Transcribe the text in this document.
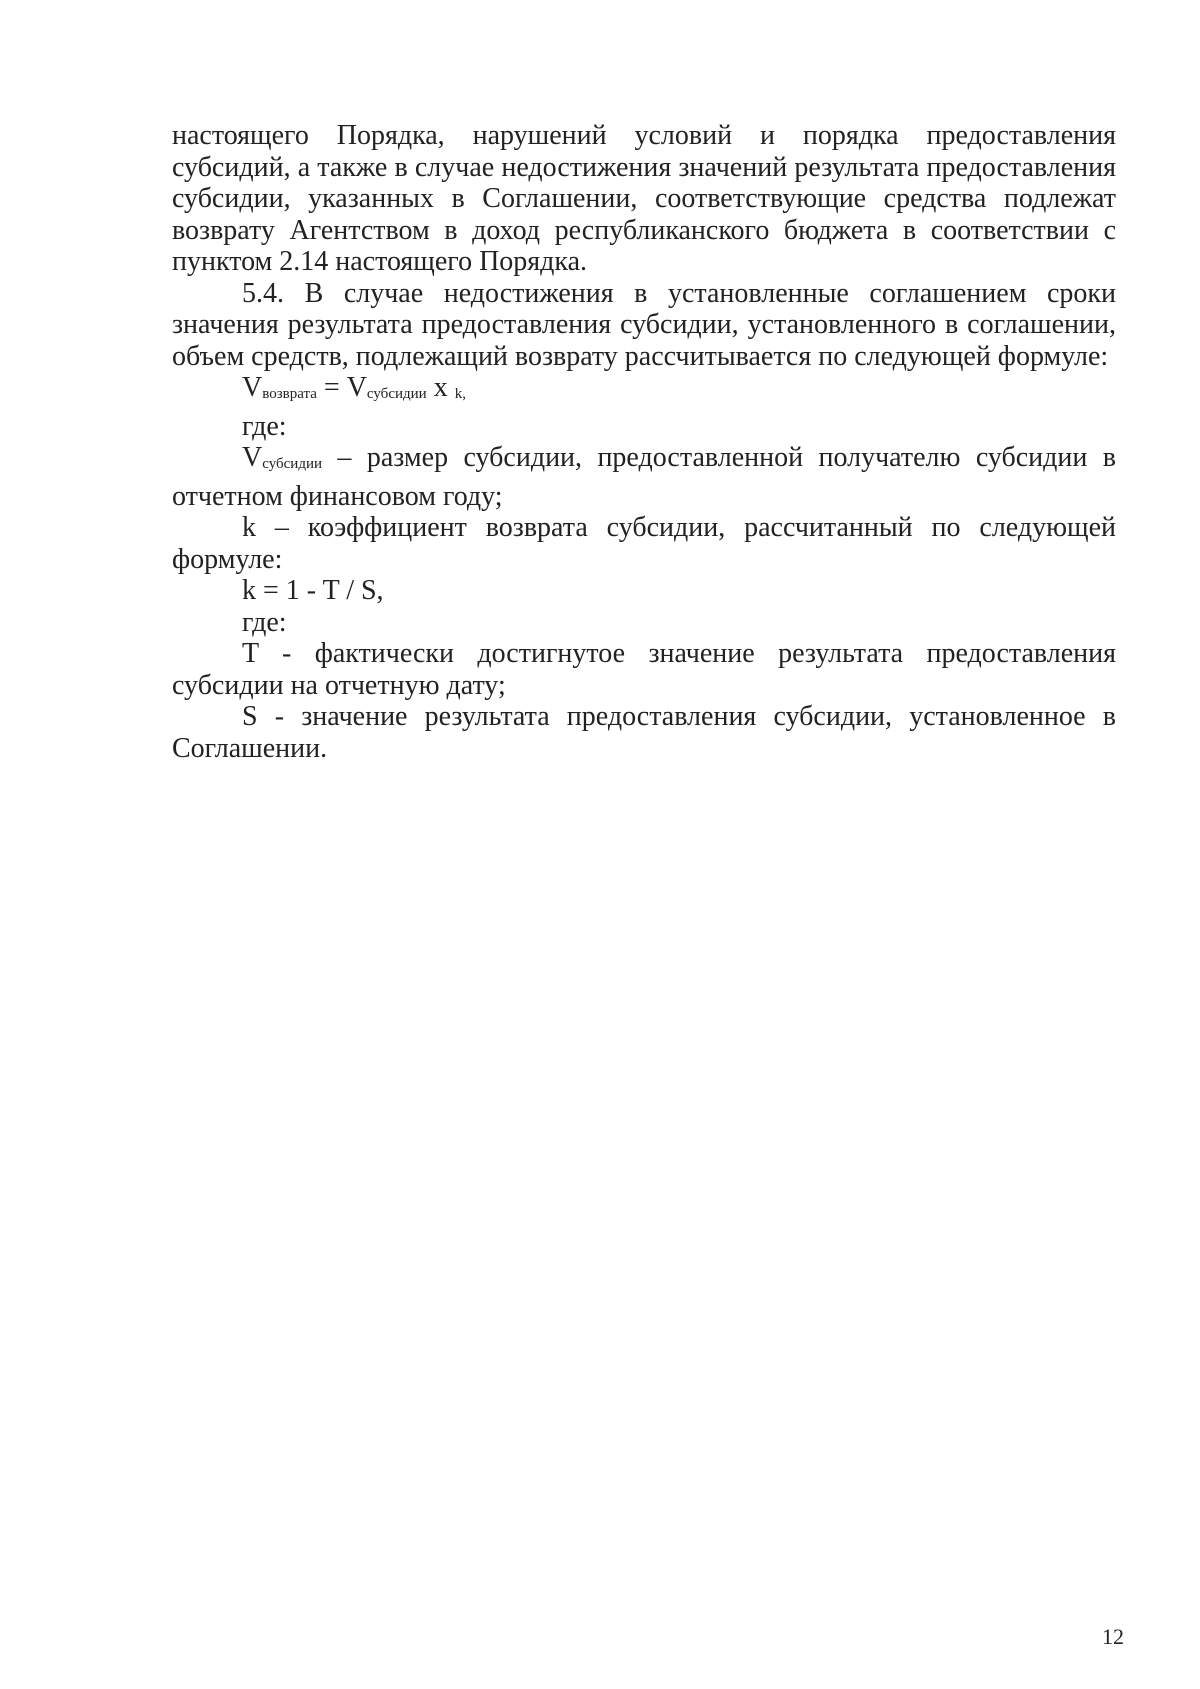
настоящего Порядка, нарушений условий и порядка предоставления субсидий, а также в случае недостижения значений результата предоставления субсидии, указанных в Соглашении, соответствующие средства подлежат возврату Агентством в доход республиканского бюджета в соответствии с пунктом 2.14 настоящего Порядка.

5.4. В случае недостижения в установленные соглашением сроки значения результата предоставления субсидии, установленного в соглашении, объем средств, подлежащий возврату рассчитывается по следующей формуле:

Vвозврата = Vсубсидии x k,

где:

Vсубсидии – размер субсидии, предоставленной получателю субсидии в отчетном финансовом году;

k – коэффициент возврата субсидии, рассчитанный по следующей формуле:

k = 1 - T / S,

где:

T - фактически достигнутое значение результата предоставления субсидии на отчетную дату;

S - значение результата предоставления субсидии, установленное в Соглашении.

12
